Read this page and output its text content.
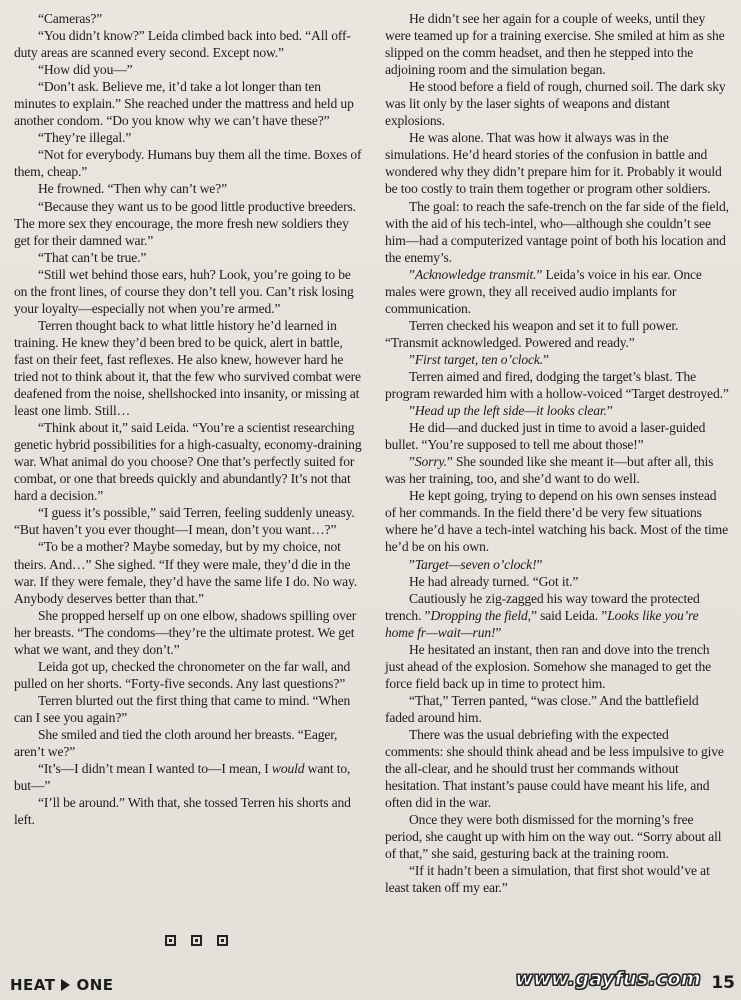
“Cameras?”

“You didn’t know?” Leida climbed back into bed. “All off-duty areas are scanned every second. Except now.”

“How did you—”

“Don’t ask. Believe me, it’d take a lot longer than ten minutes to explain.” She reached under the mattress and held up another condom. “Do you know why we can’t have these?”

“They’re illegal.”

“Not for everybody. Humans buy them all the time. Boxes of them, cheap.”

He frowned. “Then why can’t we?”

“Because they want us to be good little productive breeders. The more sex they encourage, the more fresh new soldiers they get for their damned war.”

“That can’t be true.”

“Still wet behind those ears, huh? Look, you’re going to be on the front lines, of course they don’t tell you. Can’t risk losing your loyalty—especially not when you’re armed.”

Terren thought back to what little history he’d learned in training. He knew they’d been bred to be quick, alert in battle, fast on their feet, fast reflexes. He also knew, however hard he tried not to think about it, that the few who survived combat were deafened from the noise, shellshocked into insanity, or missing at least one limb. Still…

“Think about it,” said Leida. “You’re a scientist researching genetic hybrid possibilities for a high-casualty, economy-draining war. What animal do you choose? One that’s perfectly suited for combat, or one that breeds quickly and abundantly? It’s not that hard a decision.”

“I guess it’s possible,” said Terren, feeling suddenly uneasy. “But haven’t you ever thought—I mean, don’t you want…?”

“To be a mother? Maybe someday, but by my choice, not theirs. And…” She sighed. “If they were male, they’d die in the war. If they were female, they’d have the same life I do. No way. Anybody deserves better than that.”

She propped herself up on one elbow, shadows spilling over her breasts. “The condoms—they’re the ultimate protest. We get what we want, and they don’t.”

Leida got up, checked the chronometer on the far wall, and pulled on her shorts. “Forty-five seconds. Any last questions?”

Terren blurted out the first thing that came to mind. “When can I see you again?”

She smiled and tied the cloth around her breasts. “Eager, aren’t we?”

“It’s—I didn’t mean I wanted to—I mean, I would want to, but—”

“I’ll be around.” With that, she tossed Terren his shorts and left.

He didn’t see her again for a couple of weeks, until they were teamed up for a training exercise. She smiled at him as she slipped on the comm headset, and then he stepped into the adjoining room and the simulation began.

He stood before a field of rough, churned soil. The dark sky was lit only by the laser sights of weapons and distant explosions.

He was alone. That was how it always was in the simulations. He’d heard stories of the confusion in battle and wondered why they didn’t prepare him for it. Probably it would be too costly to train them together or program other soldiers.

The goal: to reach the safe-trench on the far side of the field, with the aid of his tech-intel, who—although she couldn’t see him—had a computerized vantage point of both his location and the enemy’s.

”Acknowledge transmit.” Leida’s voice in his ear. Once males were grown, they all received audio implants for communication.

Terren checked his weapon and set it to full power. “Transmit acknowledged. Powered and ready.”

”First target, ten o’clock.”

Terren aimed and fired, dodging the target’s blast. The program rewarded him with a hollow-voiced “Target destroyed.”

”Head up the left side—it looks clear.”

He did—and ducked just in time to avoid a laser-guided bullet. “You’re supposed to tell me about those!”

”Sorry.” She sounded like she meant it—but after all, this was her training, too, and she’d want to do well.

He kept going, trying to depend on his own senses instead of her commands. In the field there’d be very few situations where he’d have a tech-intel watching his back. Most of the time he’d be on his own.

”Target—seven o’clock!”

He had already turned. “Got it.”

Cautiously he zig-zagged his way toward the protected trench. ”Dropping the field,” said Leida. ”Looks like you’re home fr—wait—run!”

He hesitated an instant, then ran and dove into the trench just ahead of the explosion. Somehow she managed to get the force field back up in time to protect him.

“That,” Terren panted, “was close.” And the battlefield faded around him.

There was the usual debriefing with the expected comments: she should think ahead and be less impulsive to give the all-clear, and he should trust her commands without hesitation. That instant’s pause could have meant his life, and often did in the war.

Once they were both dismissed for the morning’s free period, she caught up with him on the way out. “Sorry about all of that,” she said, gesturing back at the training room.

“If it hadn’t been a simulation, that first shot would’ve at least taken off my ear.”

HEAT ONE	www.gayfus.com 15
